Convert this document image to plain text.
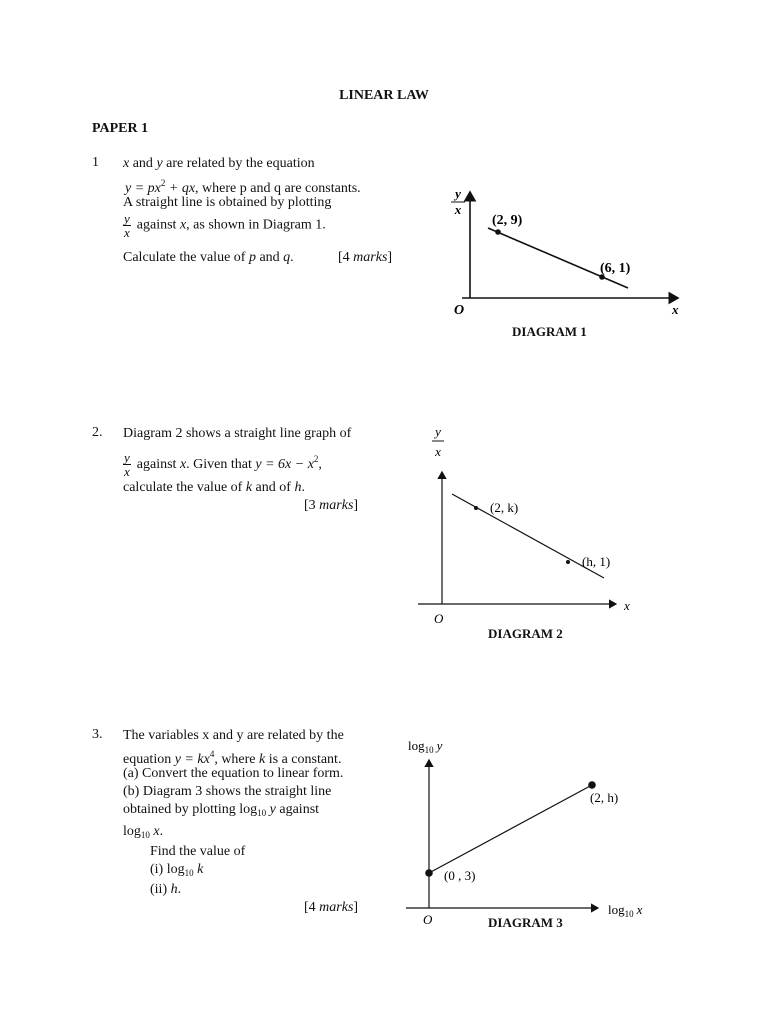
LINEAR LAW
PAPER 1
1 x and y are related by the equation
$y = px^2$ + qx, where p and q are constants.
A straight line is obtained by plotting
$\frac{y}{x}$ against x, as shown in Diagram 1.
Calculate the value of p and q.	[4 marks]
y
x
x
O
(2, 9)
(6, 1)
DIAGRAM 1
2. Diagram 2 shows a straight line graph of
$\frac{y}{x}$ against x. Given that $y = 6x - x^2$,
calculate the value of k and of h.
[3 marks]
y
x
x
O
(2, k)
(h, 1)
DIAGRAM 2
3. The variables x and y are related by the
equation $y = kx^4$, where k is a constant.
(a) Convert the equation to linear form.
(b) Diagram 3 shows the straight line
obtained by plotting $\log_{10} y$ against
$\log_{10} x$.
Find the value of
(i) $\log_{10} k$
(ii) h.
[4 marks]
$\log_{10} y$
$\log_{10} x$
O
(0 , 3)
(2, h)
DIAGRAM 3
